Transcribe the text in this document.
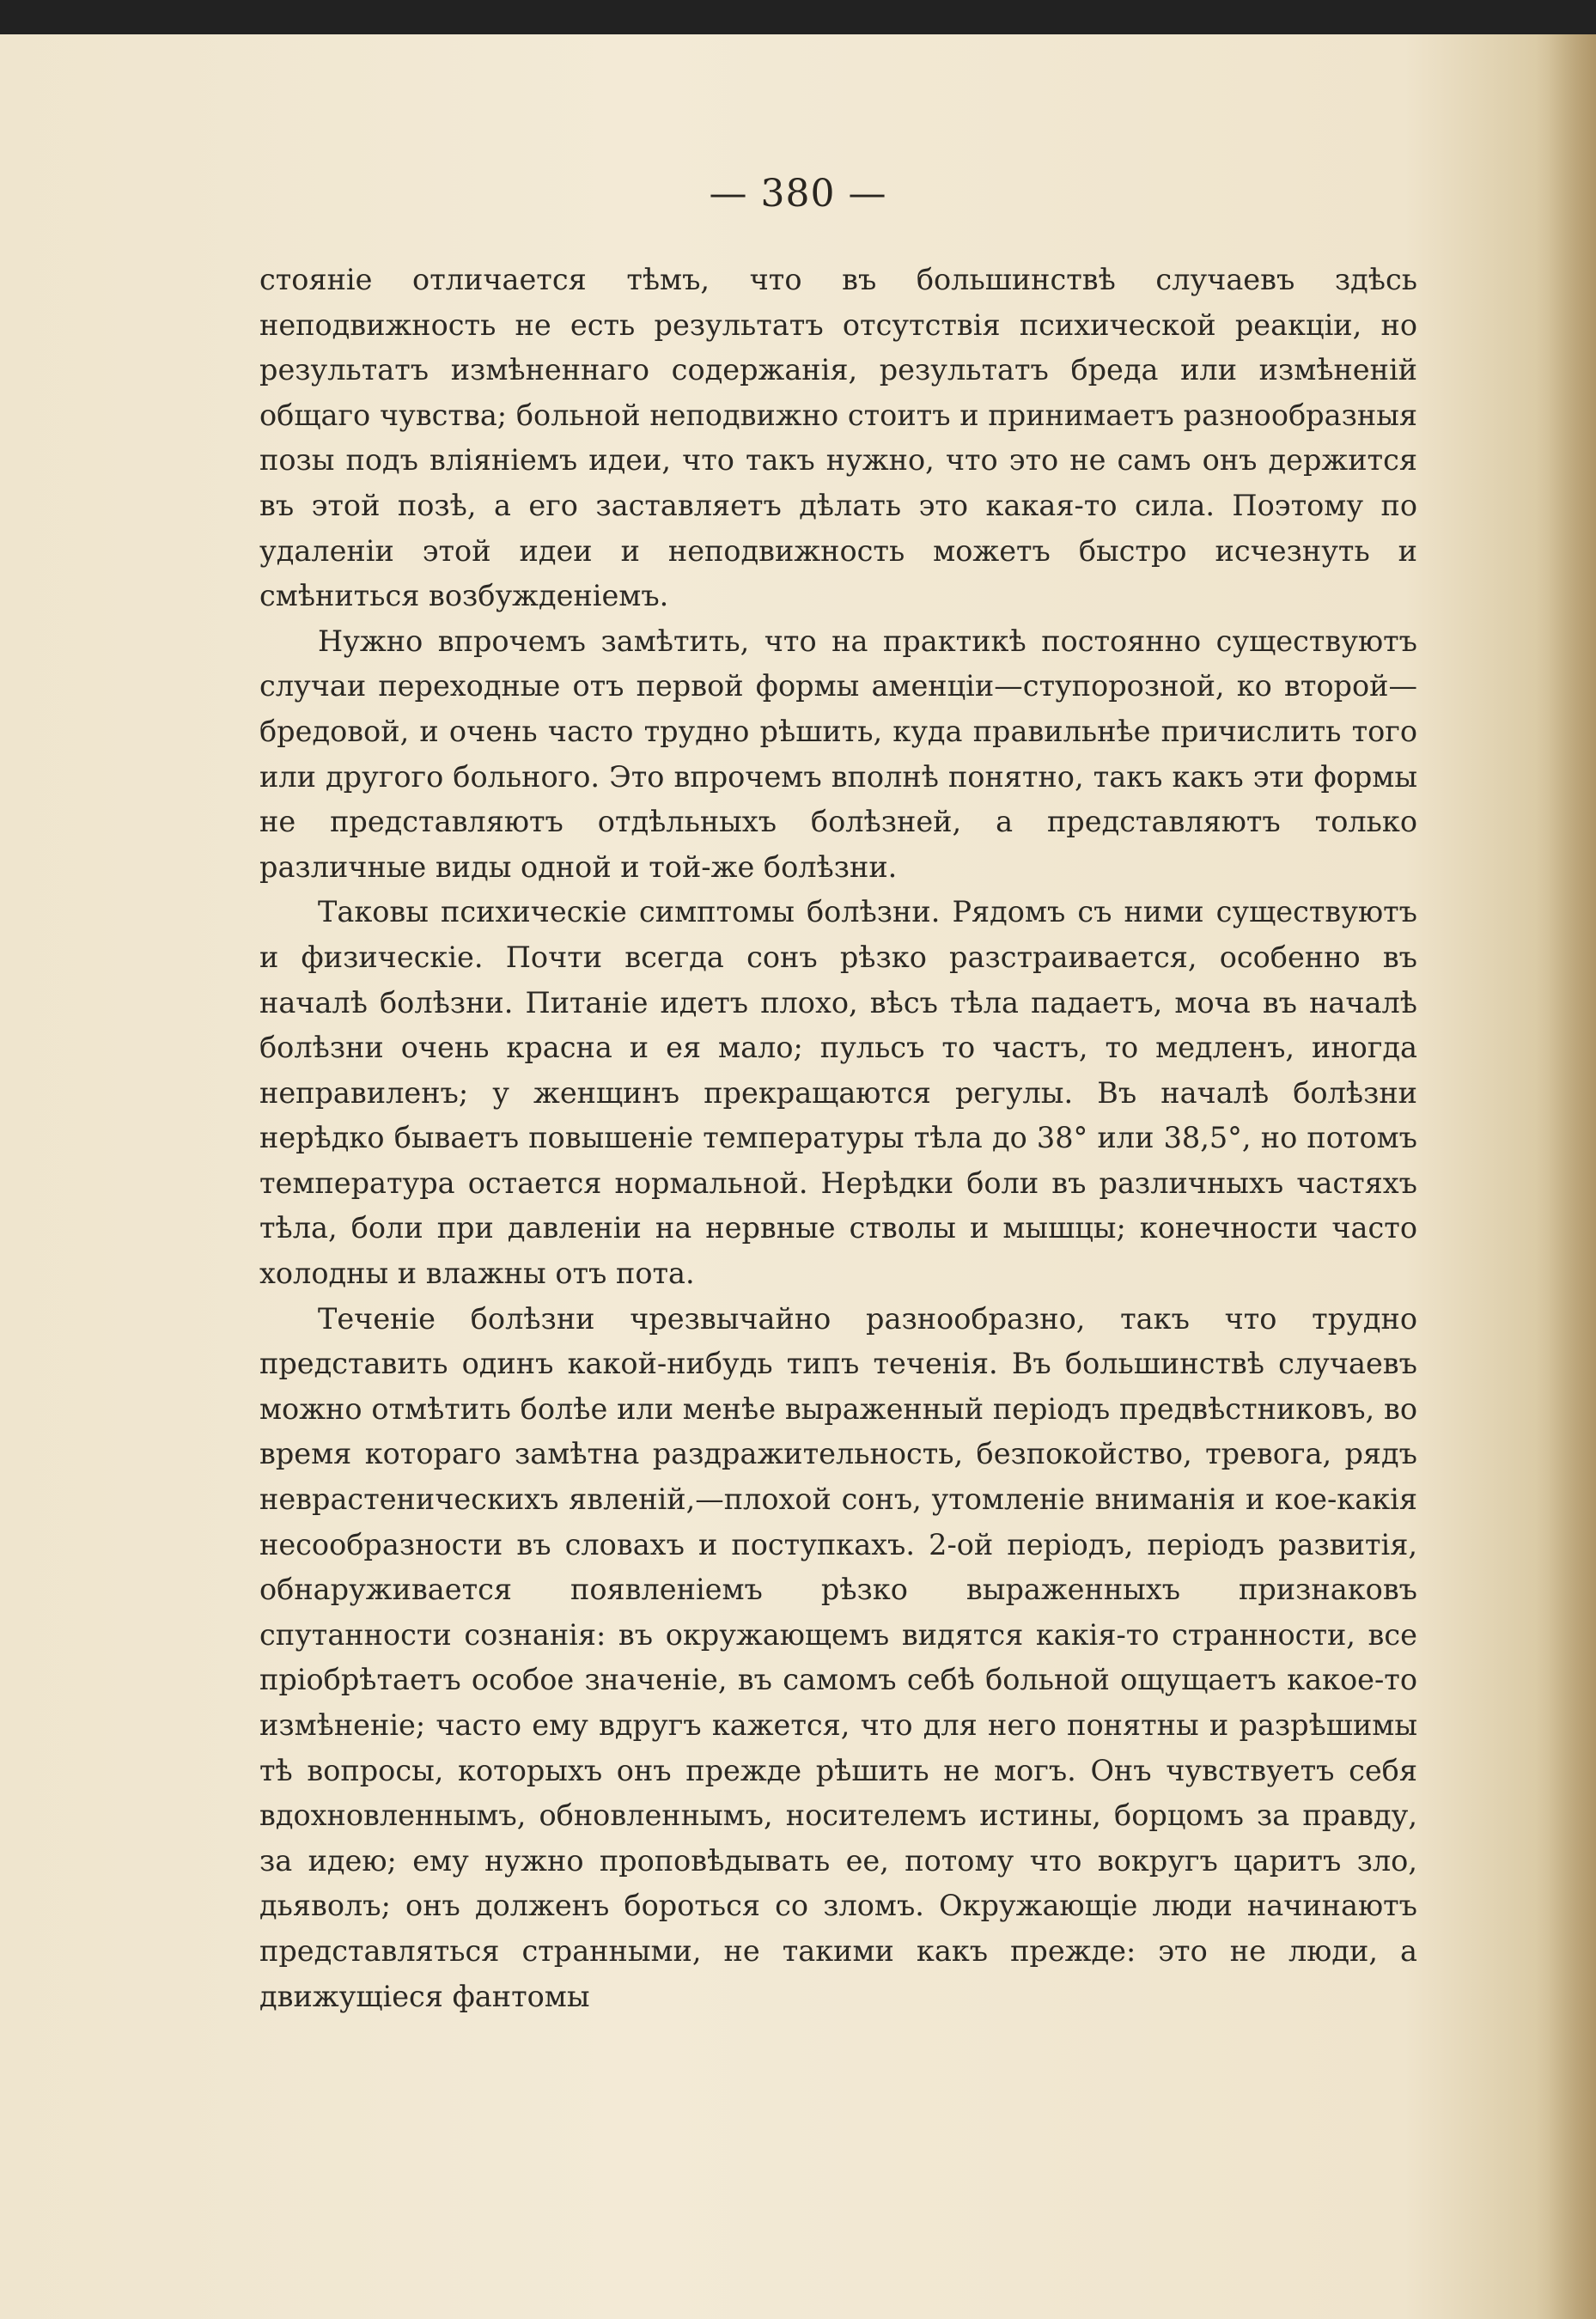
— 380 —

стоянiе отличается тѣмъ, что въ большинствѣ случаевъ здѣсь неподвижность не есть результатъ отсутствiя психической реакцiи, но результатъ измѣненнаго содержанiя, результатъ бреда или измѣненiй общаго чувства; больной неподвижно стоитъ и принимаетъ разнообразныя позы подъ влiянiемъ идеи, что такъ нужно, что это не самъ онъ держится въ этой позѣ, а его заставляетъ дѣлать это какая-то сила. Поэтому по удаленiи этой идеи и неподвижность можетъ быстро исчезнуть и смѣниться возбужденiемъ.

Нужно впрочемъ замѣтить, что на практикѣ постоянно существуютъ случаи переходные отъ первой формы аменцiи—ступорозной, ко второй—бредовой, и очень часто трудно рѣшить, куда правильнѣе причислить того или другого больного. Это впрочемъ вполнѣ понятно, такъ какъ эти формы не представляютъ отдѣльныхъ болѣзней, а представляютъ только различные виды одной и той-же болѣзни.

Таковы психическiе симптомы болѣзни. Рядомъ съ ними существуютъ и физическiе. Почти всегда сонъ рѣзко разстраивается, особенно въ началѣ болѣзни. Питанiе идетъ плохо, вѣсъ тѣла падаетъ, моча въ началѣ болѣзни очень красна и ея мало; пульсъ то частъ, то медленъ, иногда неправиленъ; у женщинъ прекращаются регулы. Въ началѣ болѣзни нерѣдко бываетъ повышенiе температуры тѣла до 38° или 38,5°, но потомъ температура остается нормальной. Нерѣдки боли въ различныхъ частяхъ тѣла, боли при давленiи на нервные стволы и мышцы; конечности часто холодны и влажны отъ пота.

Теченiе болѣзни чрезвычайно разнообразно, такъ что трудно представить одинъ какой-нибудь типъ теченiя. Въ большинствѣ случаевъ можно отмѣтить болѣе или менѣе выраженный перiодъ предвѣстниковъ, во время котораго замѣтна раздражительность, безпокойство, тревога, рядъ неврастеническихъ явленiй,—плохой сонъ, утомленiе вниманiя и кое-какiя несообразности въ словахъ и поступкахъ. 2-ой перiодъ, перiодъ развитiя, обнаруживается появленiемъ рѣзко выраженныхъ признаковъ спутанности сознанiя: въ окружающемъ видятся какiя-то странности, все прiобрѣтаетъ особое значенiе, въ самомъ себѣ больной ощущаетъ какое-то измѣненiе; часто ему вдругъ кажется, что для него понятны и разрѣшимы тѣ вопросы, которыхъ онъ прежде рѣшить не могъ. Онъ чувствуетъ себя вдохновленнымъ, обновленнымъ, носителемъ истины, борцомъ за правду, за идею; ему нужно проповѣдывать ее, потому что вокругъ царитъ зло, дьяволъ; онъ долженъ бороться со зломъ. Окружающiе люди начинаютъ представляться странными, не такими какъ прежде: это не люди, а движущiеся фантомы
